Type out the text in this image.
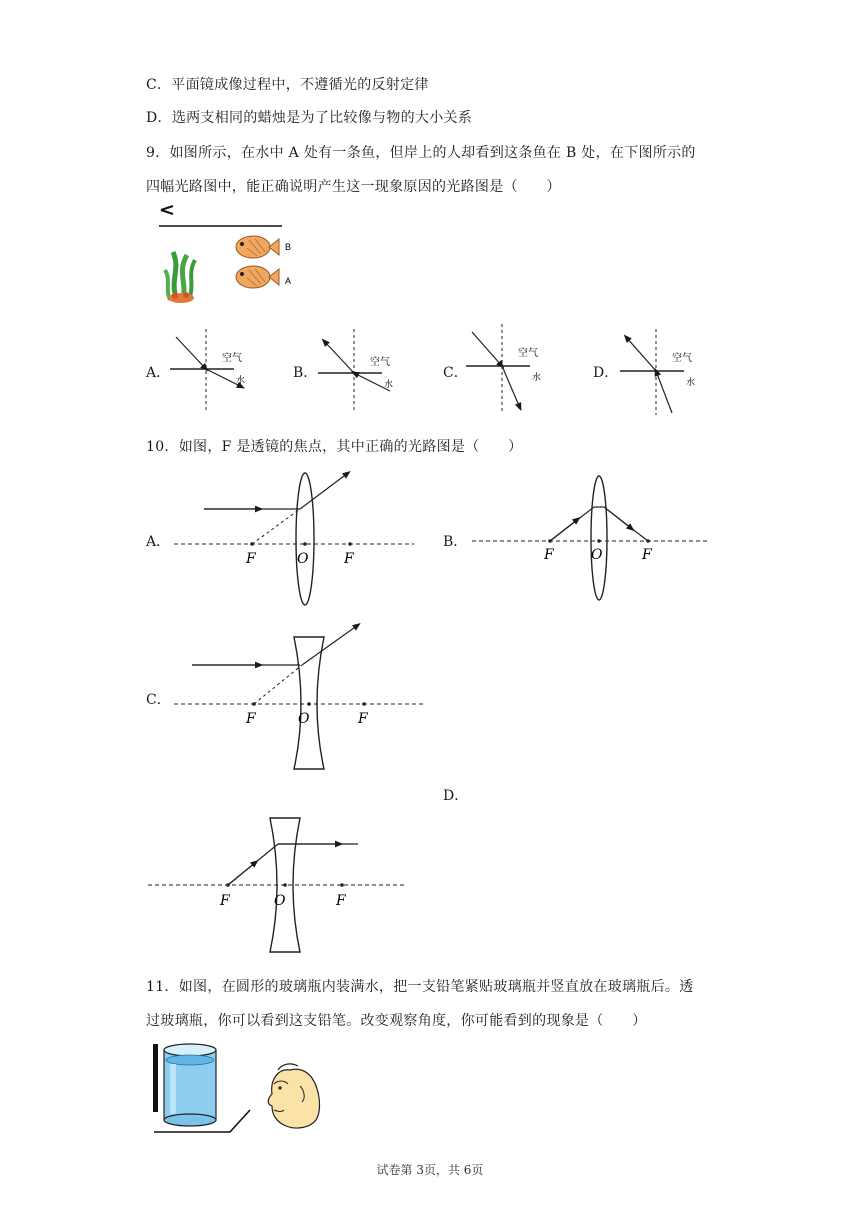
C．平面镜成像过程中，不遵循光的反射定律
D．选两支相同的蜡烛是为了比较像与物的大小关系
9．如图所示，在水中 A 处有一条鱼，但岸上的人却看到这条鱼在 B 处，在下图所示的
四幅光路图中，能正确说明产生这一现象原因的光路图是（　　）
B
A
A．
空气
水	B．
空气
水
C．
空气
水	D．
空气
水
10．如图，F 是透镜的焦点，其中正确的光路图是（　　）
A．
F	O	F
B．
F	O	F
C．
F	O	F
D．
F	O	F
11．如图，在圆形的玻璃瓶内装满水，把一支铅笔紧贴玻璃瓶并竖直放在玻璃瓶后。透
过玻璃瓶，你可以看到这支铅笔。改变观察角度，你可能看到的现象是（　　）
试卷第 3页，共 6页
